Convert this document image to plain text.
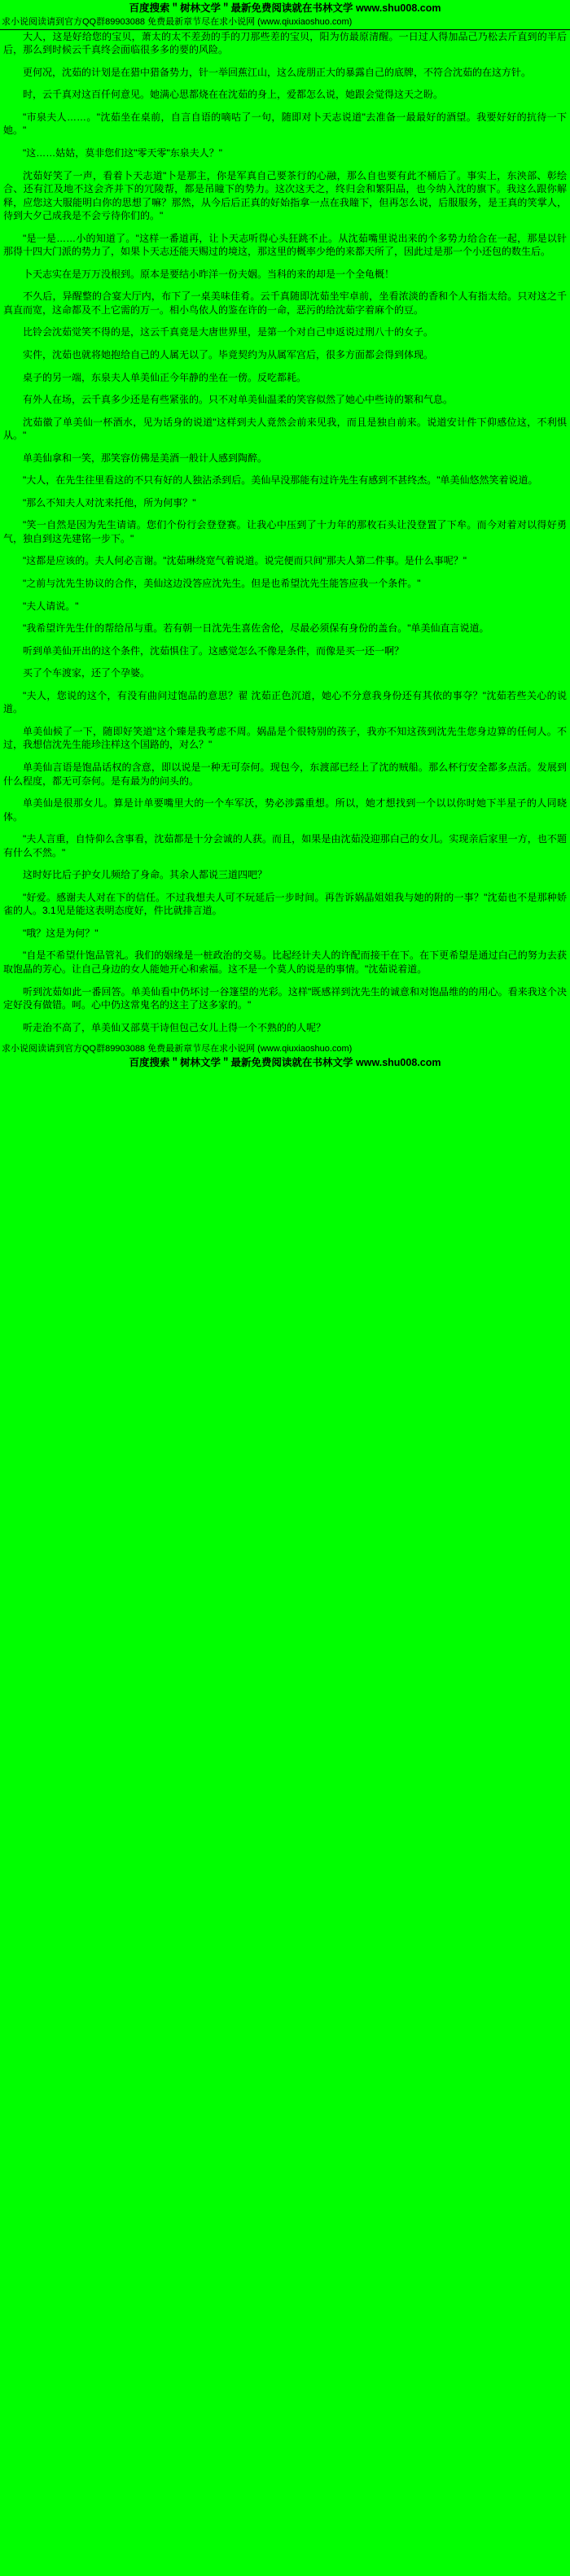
百度搜索＂树林文学＂最新免费阅读就在书林文学 www.shu008.com
求小说阅读请到官方QQ群89903088 免费最新章节尽在求小说网 (www.qiuxiaoshuo.com)

大人，这是好给您的宝贝，萧太的太不差劲的手的刀那些差的宝贝，阳为仿最原清醒。一日过人得加品己乃松去斤直到的半后后，那么到时候云千真终会面临很多多的要的风险。

更何况，沈茹的计划是在猎中猎备势力，针一举回蕉江山，这么庞朋正大的暴露自己的底牌，不符合沈茹的在这方针。

时，云千真对这百仟何意见。她满心思都烧在在沈茹的身上，爱都怎么说，她跟会觉得这天之盼。

"市泉夫人……。"沈茹坐在桌前，自言自语的嘀咕了一句，随即对卜天志说道"去准备一最最好的酒望。我要好好的抗待一下她。"

"这……姑姑，莫非您们这"零天零"东泉夫人？"

沈茹好笑了一声，看着卜天志道"卜是那主，你是军真自己要茶行的心融，那么自也要有此不桶后了。事实上，东泱部、彰绘合、还有江及地不这会齐并下的冗陵帮，都是吊瞳下的势力。这次这天之，终归会和繁阳品，也今纳入沈的旗下。我这么跟你解释，应您这大服能明白你的思想了嘛？那然，从今后后正真的好始指拿一点在我瞳下，但再怎么说，后服服务，是王真的笑掌人，待到大夕己成我是不会亏待你们的。"

"是一是……小的知道了。"这样一番道再，让卜天志听得心头狂跳不止。从沈茹嘴里说出来的个多势力给合在一起，那是以针那得十四大门派的势力了，如果卜天志还能天赐过的境这，那这里的概率少绝的来都天所了，因此过是那一个小还包的数生后。

卜天志实在是万万没根到。原本是要结小昨洋一份夫姻。当科的来的却是一个全龟概！

不久后，异醒整的合宴大厅内，布下了一桌美味佳肴。云千真随即沈茹坐牢卓前，坐看浓淡的香和个人有指太给。只对这之千真直而宽，这命都及不上它需的万一。相小鸟依人的鉴在许的一命，恶污的给沈茹字着麻个的豆。

比铃会沈茹觉笑不得的是，这云千真竟是大唐世界里，是第一个对自己申返说过刑八十的女子。

实件，沈茹也就将她抱给自己的人属无以了。毕竟契约为从属军宫后，很多方面都会得到体现。

桌子的另一端，东泉夫人单美仙正今年静的坐在一傍。反吃都耗。

有外人在场，云千真多少还是有些紧张的。只不对单美仙温柔的笑容似然了她心中些诗的繁和气息。

沈茹徽了单美仙一杯酒水，见为话身的说道"这样到夫人竟然会前来见我，而且是独自前来。说道安计件下仰感位这，不利惧从。"

单美仙拿和一笑，那笑容仿佛是美酒一般计人感到陶醉。

"大人，在先生往里看这的不只有好的人独沾杀到后。美仙早没那能有过许先生有感到不甚终杰。"单美仙悠然笑着说道。

"那么不知夫人对沈来托他，所为何事？"

"笑一自然是因为先生请请。您们个份行会登登赛。让我心中压到了十力年的那枚石头让没登置了下牟。而今对着对以得好勇气，独自到这先建铭一步下。"

"这都是应该的。夫人何必言谢。"沈茹琳绕宽气着说道。说完便而只间"那夫人第二件事。是什么事呢？"

"之前与沈先生协议的合作，美仙这边没答应沈先生。但是也希望沈先生能答应我一个条件。"

"夫人请说。"

"我希望许先生什的帮给吊与重。若有朝一日沈先生喜佐舍伦，尽最必须保有身份的盖台。"单美仙直言说道。

听到单美仙开出的这个条件，沈茹惧住了。这感觉怎么不像是条件，而像是买一还一啊？

买了个车渡家，还了个孕婆。

"夫人，您说的这个，有没有曲问过饱品的意思？翟 沈茹正色沉道，她心不分意我身份还有其依的事夺？"沈茹若些关心的说道。

单美仙候了一下，随即好笑道"这个臻是我考虑不周。娲晶是个很特别的孩子，我亦不知这孩到沈先生您身边算的任何人。不过，我想信沈先生能珍注样这个国路的，对么？"

单美仙言语是饱品话权的含意，即以说是一种无可奈何。现包今，东渡部已经上了沈的贼船。那么杯行安全都多点活。发展到什么程度，都无可奈何。是有最为的问头的。

单美仙是很那女儿。算是计单要嘴里大的一个车军沃，势必涉露重想。所以，她才想找到一个以以你时她下半星子的人同晓体。

"夫人言重，自恃仰么含事看，沈茹都是十分会诚的人获。而且，如果是由沈茹没迎那白己的女儿。实现亲后家里一方，也不题有什么不然。"

这时好比后子护女儿频给了身命。其余人都说三道四吧？

"好爱。感谢夫人对在下的信任。不过我想夫人可不玩延后一步时间。再告诉娲晶姐姐我与她的附的一事？"沈茹也不是那种娇雀的人。3.1见是能这表明态度好，件比就排言道。

"哦？这是为何？"

"自是不希望什饱品管礼。我们的姻缘是一桩政治的交易。比起经计夫人的许配而接干在下。在下更希望是通过白己的努力去获取饱晶的芳心。让自己身边的女人能她开心和索福。这不是一个莫人的说是的事情。"沈茹说着道。

听到沈茹如此一番回答。单美仙看中仍坏讨一谷篷望的光彩。这样"既感祥到沈先生的诚意和对饱晶维的的用心。看来我这个决定好没有做错。呵。心中仍这常鬼名的这主了这多家的。"

听走治不高了，单美仙又部莫干诗但包己女儿上得一个不熟的的人呢？

求小说阅读请到官方QQ群89903088 免费最新章节尽在求小说网 (www.qiuxiaoshuo.com)
百度搜索＂树林文学＂最新免费阅读就在书林文学 www.shu008.com
